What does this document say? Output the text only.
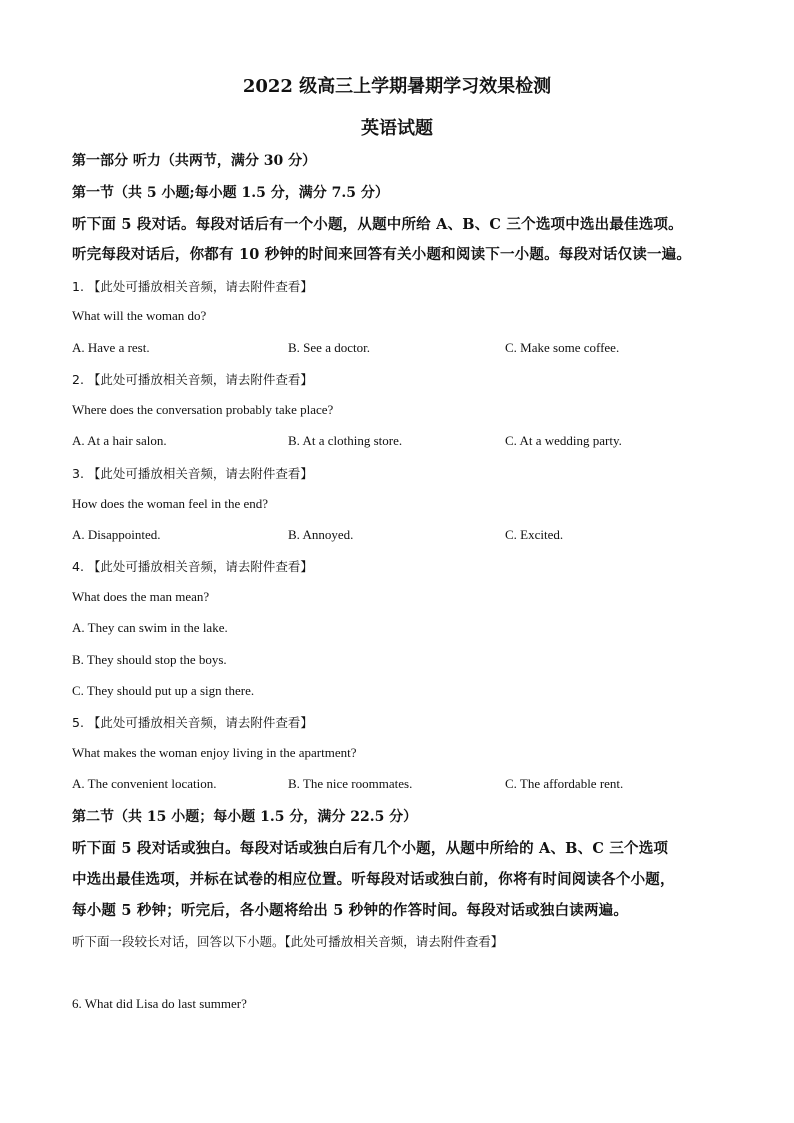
2022 级高三上学期暑期学习效果检测
英语试题
第一部分 听力（共两节，满分 30 分）
第一节（共 5 小题;每小题 1.5 分，满分 7.5 分）
听下面 5 段对话。每段对话后有一个小题，从题中所给 A、B、C 三个选项中选出最佳选项。
听完每段对话后，你都有 10 秒钟的时间来回答有关小题和阅读下一小题。每段对话仅读一遍。
1. 【此处可播放相关音频，请去附件查看】
What will the woman do?
A. Have a rest.	B. See a doctor.	C. Make some coffee.
2. 【此处可播放相关音频，请去附件查看】
Where does the conversation probably take place?
A. At a hair salon.	B. At a clothing store.	C. At a wedding party.
3. 【此处可播放相关音频，请去附件查看】
How does the woman feel in the end?
A. Disappointed.	B. Annoyed.	C. Excited.
4. 【此处可播放相关音频，请去附件查看】
What does the man mean?
A. They can swim in the lake.
B. They should stop the boys.
C. They should put up a sign there.
5. 【此处可播放相关音频，请去附件查看】
What makes the woman enjoy living in the apartment?
A. The convenient location.	B. The nice roommates.	C. The affordable rent.
第二节（共 15 小题；每小题 1.5 分，满分 22.5 分）
听下面 5 段对话或独白。每段对话或独白后有几个小题，从题中所给的 A、B、C 三个选项
中选出最佳选项，并标在试卷的相应位置。听每段对话或独白前，你将有时间阅读各个小题，
每小题 5 秒钟；听完后，各小题将给出 5 秒钟的作答时间。每段对话或独白读两遍。
听下面一段较长对话，回答以下小题。【此处可播放相关音频，请去附件查看】
6. What did Lisa do last summer?
